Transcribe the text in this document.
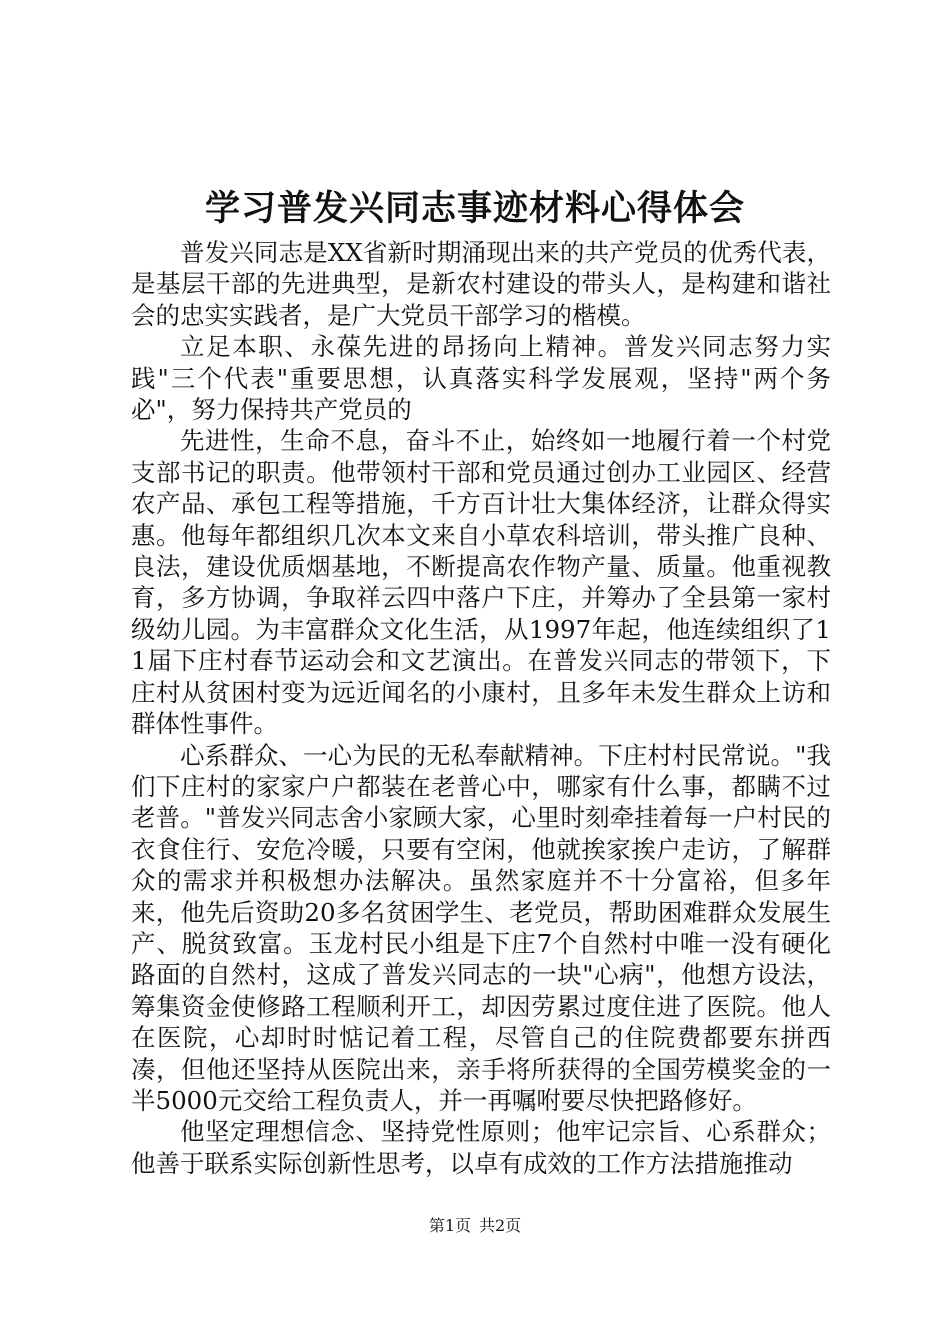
学习普发兴同志事迹材料心得体会

普发兴同志是XX省新时期涌现出来的共产党员的优秀代表，是基层干部的先进典型，是新农村建设的带头人，是构建和谐社会的忠实实践者，是广大党员干部学习的楷模。

立足本职、永葆先进的昂扬向上精神。普发兴同志努力实践"三个代表"重要思想，认真落实科学发展观，坚持"两个务必"，努力保持共产党员的

先进性，生命不息，奋斗不止，始终如一地履行着一个村党支部书记的职责。他带领村干部和党员通过创办工业园区、经营农产品、承包工程等措施，千方百计壮大集体经济，让群众得实惠。他每年都组织几次本文来自小草农科培训，带头推广良种、良法，建设优质烟基地，不断提高农作物产量、质量。他重视教育，多方协调，争取祥云四中落户下庄，并筹办了全县第一家村级幼儿园。为丰富群众文化生活，从1997年起，他连续组织了11届下庄村春节运动会和文艺演出。在普发兴同志的带领下，下庄村从贫困村变为远近闻名的小康村，且多年未发生群众上访和群体性事件。

心系群众、一心为民的无私奉献精神。下庄村村民常说。"我们下庄村的家家户户都装在老普心中，哪家有什么事，都瞒不过老普。"普发兴同志舍小家顾大家，心里时刻牵挂着每一户村民的衣食住行、安危冷暖，只要有空闲，他就挨家挨户走访，了解群众的需求并积极想办法解决。虽然家庭并不十分富裕，但多年来，他先后资助20多名贫困学生、老党员，帮助困难群众发展生产、脱贫致富。玉龙村民小组是下庄7个自然村中唯一没有硬化路面的自然村，这成了普发兴同志的一块"心病"，他想方设法，筹集资金使修路工程顺利开工，却因劳累过度住进了医院。他人在医院，心却时时惦记着工程，尽管自己的住院费都要东拼西凑，但他还坚持从医院出来，亲手将所获得的全国劳模奖金的一半5000元交给工程负责人，并一再嘱咐要尽快把路修好。

他坚定理想信念、坚持党性原则；他牢记宗旨、心系群众；他善于联系实际创新性思考，以卓有成效的工作方法措施推动

第1页 共2页
